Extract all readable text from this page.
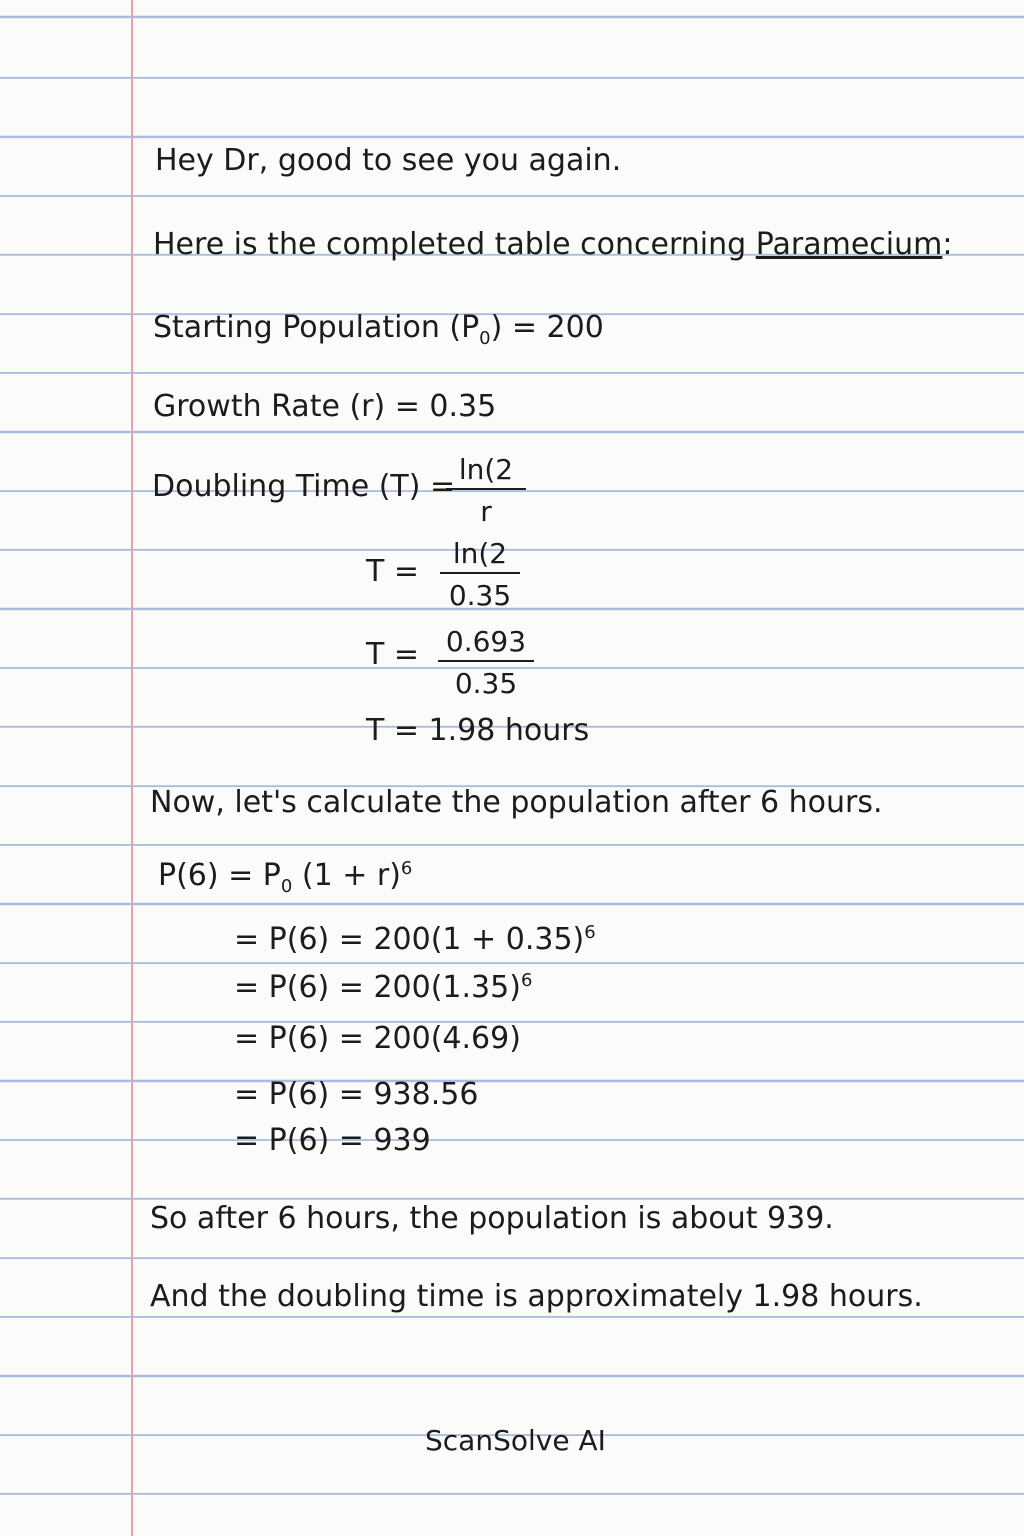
Hey Dr, good to see you again.
Here is the completed table concerning Paramecium:
Starting Population $(P_0) = 200$
Growth Rate (r) = 0.35
Doubling Time (T) =
$\frac{\ln(2}{r}$
$T = \frac{\ln(2}{0.35}$
$T = \frac{0.693}{0.35}$
T = 1.98 hours
Now, let's calculate the population after 6 hours.
$P(6) = P_0$ $(1 + r)^6$
= $P(6) = 200(1 + 0.35)^6$
= $P(6) = 200(1.35)^6$
= P(6) = 200(4.69)
= P(6) = 938.56
= P(6) = 939
So after 6 hours, the population is about 939.
And the doubling time is approximately 1.98 hours.
ScanSolve AI
